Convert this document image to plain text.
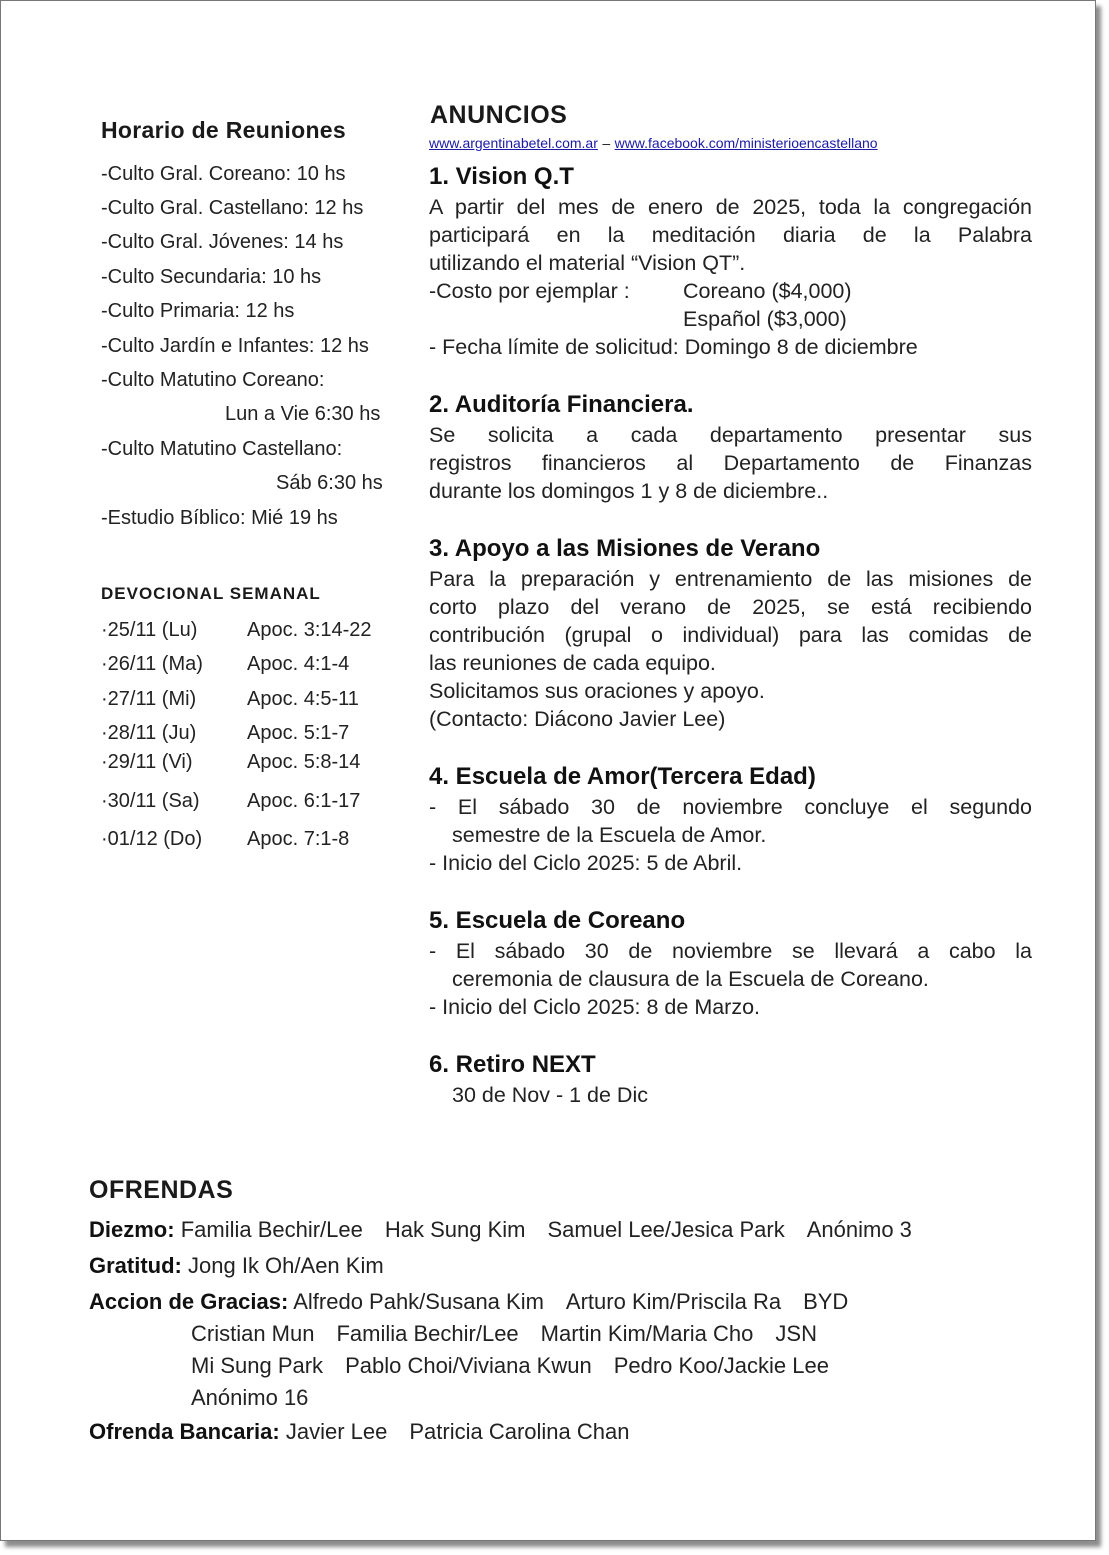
Horario de Reuniones
-Culto Gral. Coreano: 10 hs
-Culto Gral. Castellano: 12 hs
-Culto Gral. Jóvenes: 14 hs
-Culto Secundaria: 10 hs
-Culto Primaria: 12 hs
-Culto Jardín e Infantes: 12 hs
-Culto Matutino Coreano:
Lun a Vie 6:30 hs
-Culto Matutino Castellano:
Sáb 6:30 hs
-Estudio Bíblico: Mié 19 hs
DEVOCIONAL SEMANAL
·25/11 (Lu) Apoc. 3:14-22
·26/11 (Ma) Apoc. 4:1-4
·27/11 (Mi)	Apoc. 4:5-11
·28/11 (Ju)	Apoc. 5:1-7
·29/11 (Vi)	Apoc. 5:8-14
·30/11 (Sa) Apoc. 6:1-17
·01/12 (Do) Apoc. 7:1-8
ANUNCIOS
www.argentinabetel.com.ar – www.facebook.com/ministerioencastellano
1. Vision Q.T
A partir del mes de enero de 2025, toda la congregación
participará en la meditación diaria de la Palabra
utilizando el material “Vision QT”.
-Costo por ejemplar : Coreano ($4,000)
Español ($3,000)
- Fecha límite de solicitud: Domingo 8 de diciembre
2. Auditoría Financiera.
Se solicita a cada departamento presentar sus
registros financieros al Departamento de Finanzas
durante los domingos 1 y 8 de diciembre..
3. Apoyo a las Misiones de Verano
Para la preparación y entrenamiento de las misiones de
corto plazo del verano de 2025, se está recibiendo
contribución (grupal o individual) para las comidas de
las reuniones de cada equipo.
Solicitamos sus oraciones y apoyo.
(Contacto: Diácono Javier Lee)
4. Escuela de Amor(Tercera Edad)
- El sábado 30 de noviembre concluye el segundo
semestre de la Escuela de Amor.
- Inicio del Ciclo 2025: 5 de Abril.
5. Escuela de Coreano
- El sábado 30 de noviembre se llevará a cabo la
ceremonia de clausura de la Escuela de Coreano.
- Inicio del Ciclo 2025: 8 de Marzo.
6. Retiro NEXT
30 de Nov - 1 de Dic
OFRENDAS
Diezmo: Familia Bechir/Lee Hak Sung Kim Samuel Lee/Jesica Park Anónimo 3
Gratitud: Jong Ik Oh/Aen Kim
Accion de Gracias: Alfredo Pahk/Susana Kim Arturo Kim/Priscila Ra BYD
Cristian Mun Familia Bechir/Lee Martin Kim/Maria Cho JSN
Mi Sung Park Pablo Choi/Viviana Kwun Pedro Koo/Jackie Lee
Anónimo 16
Ofrenda Bancaria: Javier Lee Patricia Carolina Chan
